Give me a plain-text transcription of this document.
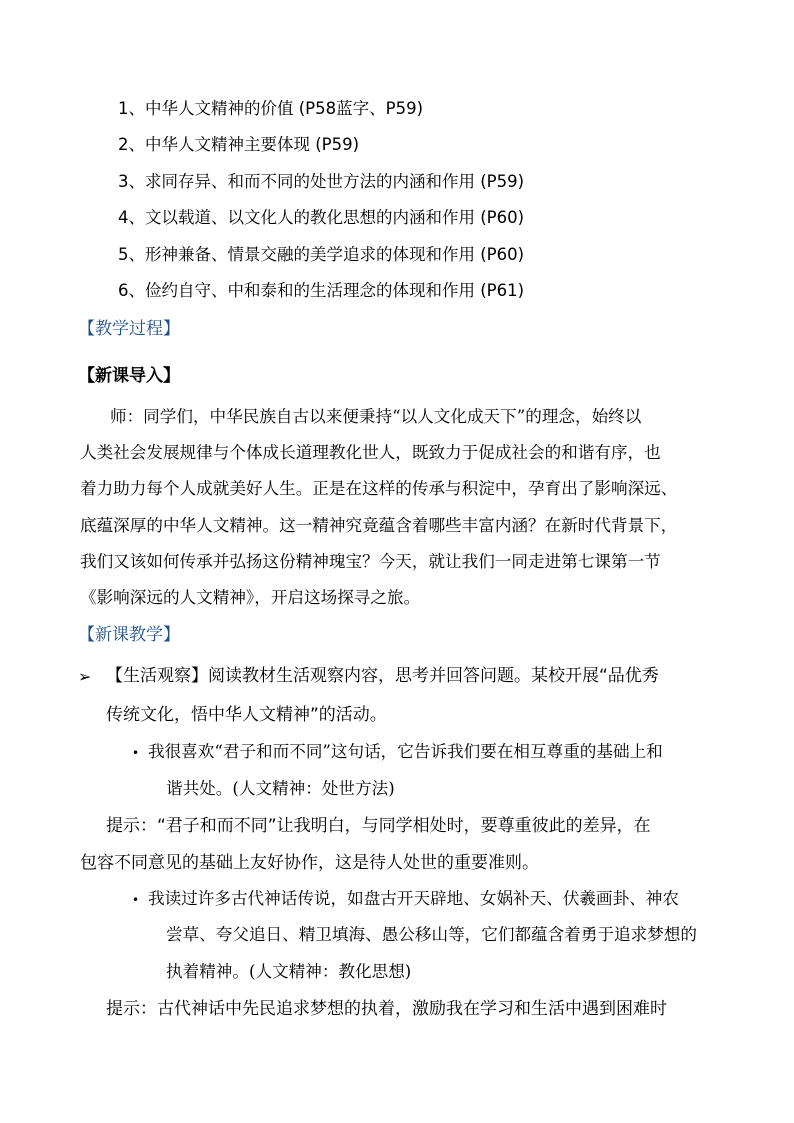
1、中华人文精神的价值 (P58蓝字、P59)
2、中华人文精神主要体现 (P59)
3、求同存异、和而不同的处世方法的内涵和作用 (P59)
4、文以载道、以文化人的教化思想的内涵和作用 (P60)
5、形神兼备、情景交融的美学追求的体现和作用 (P60)
6、俭约自守、中和泰和的生活理念的体现和作用 (P61)
【教学过程】
【新课导入】
师：同学们，中华民族自古以来便秉持“以人文化成天下”的理念，始终以
人类社会发展规律与个体成长道理教化世人，既致力于促成社会的和谐有序，也
着力助力每个人成就美好人生。正是在这样的传承与积淀中，孕育出了影响深远、
底蕴深厚的中华人文精神。这一精神究竟蕴含着哪些丰富内涵？在新时代背景下，
我们又该如何传承并弘扬这份精神瑰宝？今天，就让我们一同走进第七课第一节
《影响深远的人文精神》，开启这场探寻之旅。
【新课教学】
➢ 【生活观察】阅读教材生活观察内容，思考并回答问题。某校开展“品优秀
传统文化，悟中华人文精神”的活动。
• 我很喜欢“君子和而不同”这句话，它告诉我们要在相互尊重的基础上和
谐共处。(人文精神：处世方法)
提示：“君子和而不同”让我明白，与同学相处时，要尊重彼此的差异，在
包容不同意见的基础上友好协作，这是待人处世的重要准则。
• 我读过许多古代神话传说，如盘古开天辟地、女娲补天、伏羲画卦、神农
尝草、夸父追日、精卫填海、愚公移山等，它们都蕴含着勇于追求梦想的
执着精神。(人文精神：教化思想)
提示：古代神话中先民追求梦想的执着，激励我在学习和生活中遇到困难时
